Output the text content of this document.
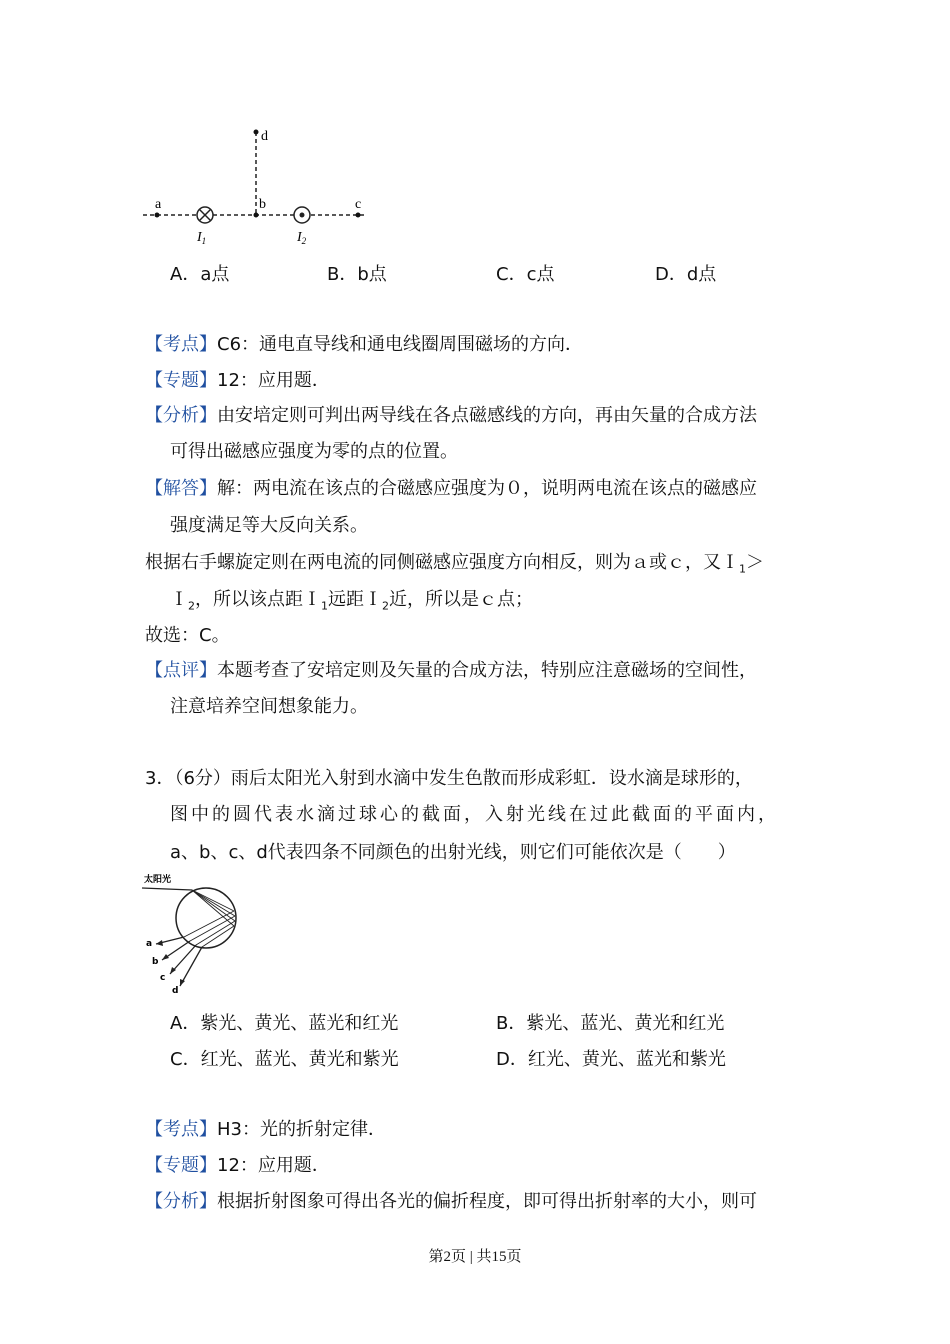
a	b	c
d
$I_1$	$I_2$
A．a点	B．b点	C．c点	D．d点
【考点】C6：通电直导线和通电线圈周围磁场的方向．
【专题】12：应用题．
【分析】由安培定则可判出两导线在各点磁感线的方向，再由矢量的合成方法
可得出磁感应强度为零的点的位置。
【解答】解：两电流在该点的合磁感应强度为０，说明两电流在该点的磁感应
强度满足等大反向关系。
根据右手螺旋定则在两电流的同侧磁感应强度方向相反，则为ａ或ｃ，又Ｉ$_1$＞
Ｉ$_2$，所以该点距Ｉ$_1$远距Ｉ$_2$近，所以是ｃ点；
故选：C。
【点评】本题考查了安培定则及矢量的合成方法，特别应注意磁场的空间性，
注意培养空间想象能力。
3．（6分）雨后太阳光入射到水滴中发生色散而形成彩虹．设水滴是球形的，
图中的圆代表水滴过球心的截面，入射光线在过此截面的平面内，
a、b、c、d代表四条不同颜色的出射光线，则它们可能依次是（　　）
太阳光
a
b
c
d
A．紫光、黄光、蓝光和红光	B．紫光、蓝光、黄光和红光
C．红光、蓝光、黄光和紫光	D．红光、黄光、蓝光和紫光
【考点】H3：光的折射定律．
【专题】12：应用题．
【分析】根据折射图象可得出各光的偏折程度，即可得出折射率的大小，则可
第2页 | 共15页
